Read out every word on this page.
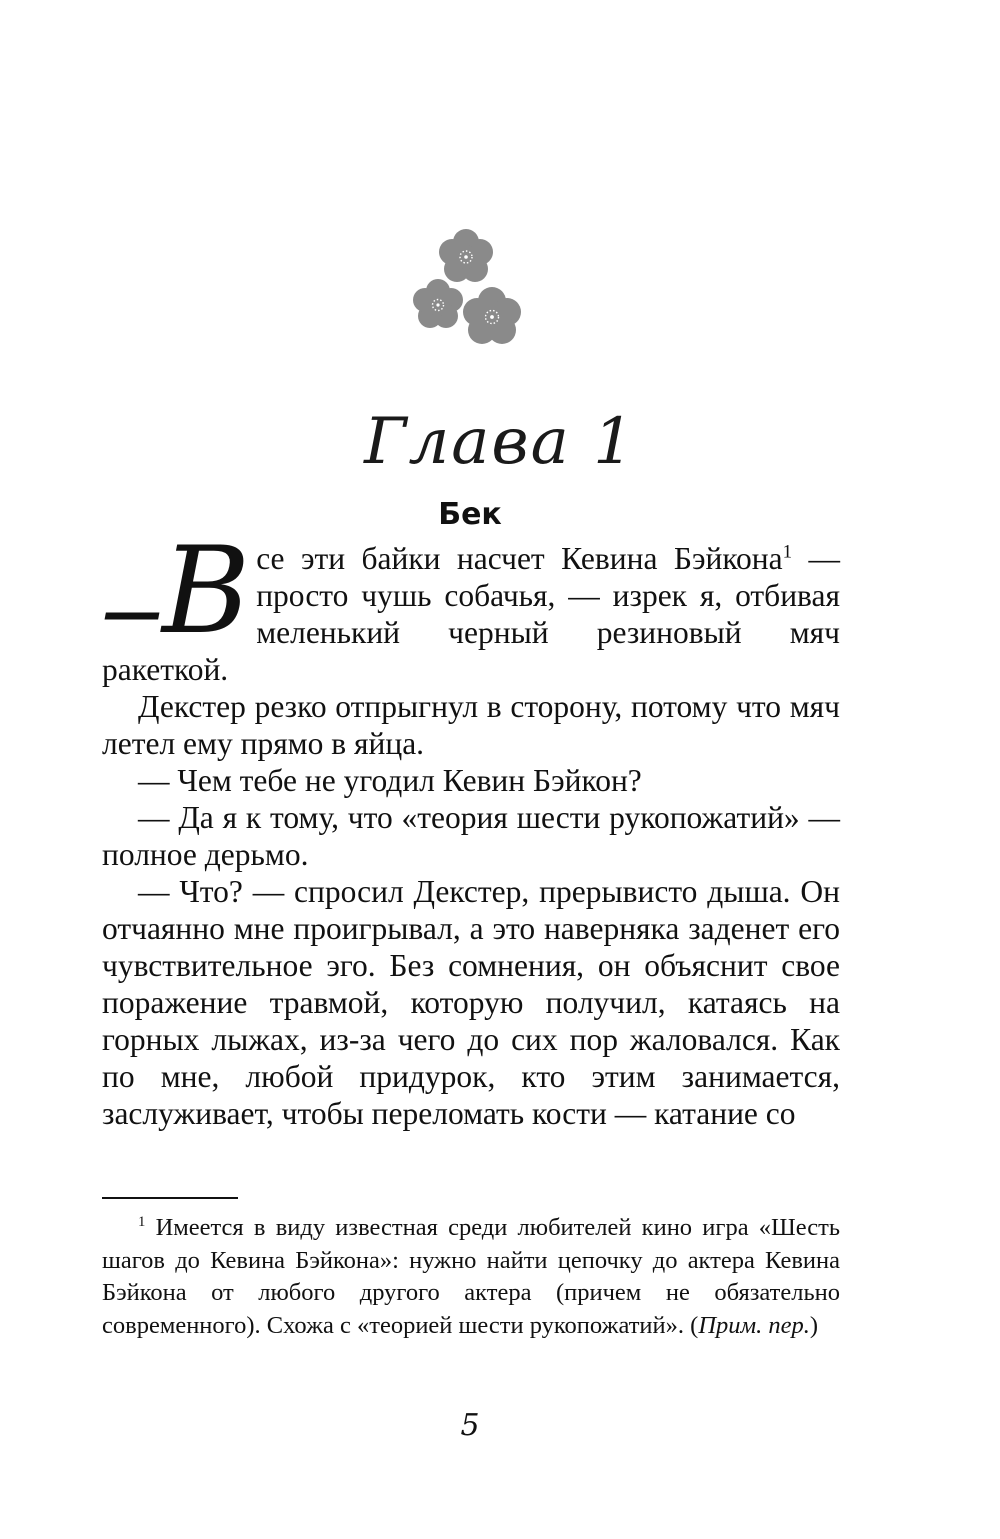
Глава 1
Бек

—В се эти байки насчет Кевина Бэйкона$^1$ — просто чушь собачья, — изрек я, отбивая меленький черный резиновый мяч ракеткой.

Декстер резко отпрыгнул в сторону, потому что мяч летел ему прямо в яйца.

— Чем тебе не угодил Кевин Бэйкон?

— Да я к тому, что «теория шести рукопожатий» — полное дерьмо.

— Что? — спросил Декстер, прерывисто дыша. Он отчаянно мне проигрывал, а это наверняка заденет его чувствительное эго. Без сомнения, он объяснит свое поражение травмой, которую получил, катаясь на горных лыжах, из-за чего до сих пор жаловался. Как по мне, любой придурок, кто этим занимается, заслуживает, чтобы переломать кости — катание со

$^1$ Имеется в виду известная среди любителей кино игра «Шесть шагов до Кевина Бэйкона»: нужно найти цепочку до актера Кевина Бэйкона от любого другого актера (причем не обязательно современного). Схожа с «теорией шести рукопожатий». (Прим. пер.)

5
